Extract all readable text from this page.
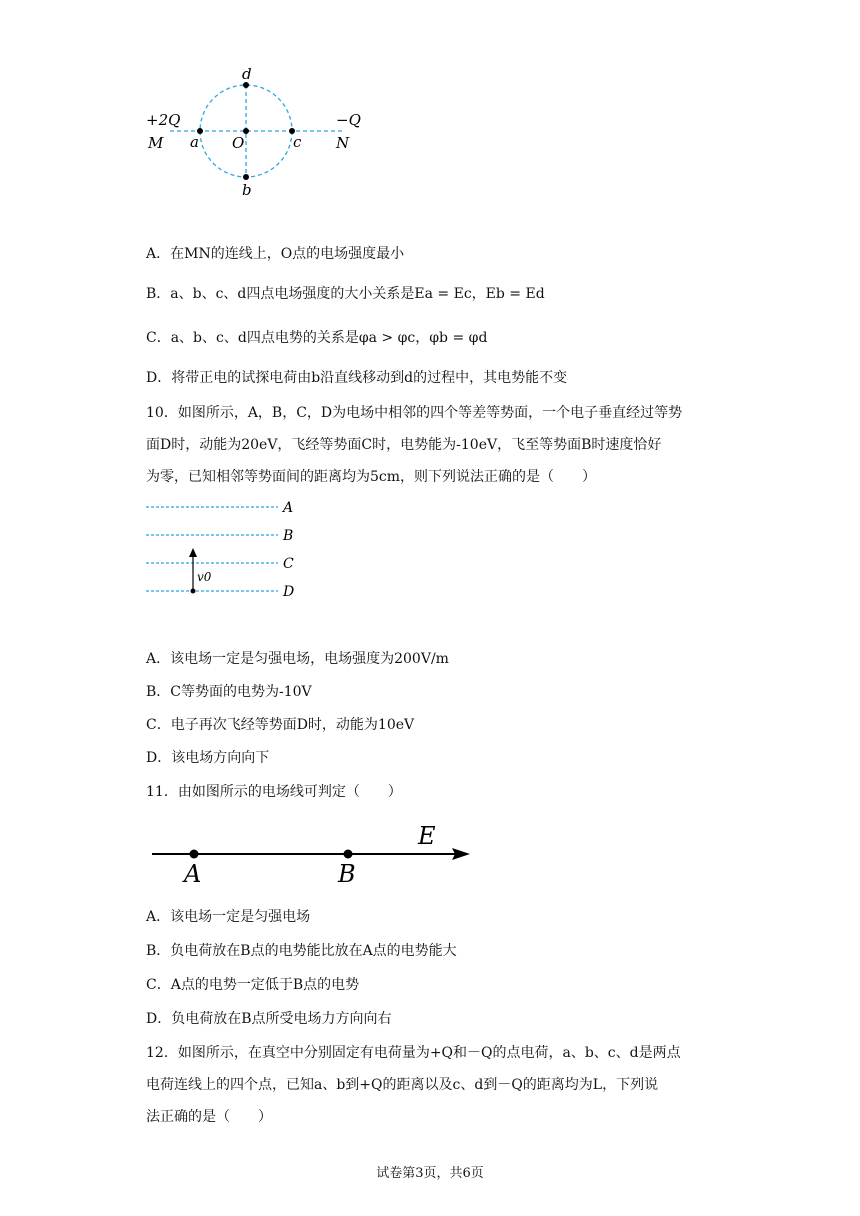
+2Q
M a O	c
−Q
N
d
b
A．在MN的连线上，O点的电场强度最小
B．a、b、c、d四点电场强度的大小关系是Ea = Ec，Eb = Ed
C．a、b、c、d四点电势的关系是φa > φc，φb = φd
D．将带正电的试探电荷由b沿直线移动到d的过程中，其电势能不变
10．如图所示，A，B，C，D为电场中相邻的四个等差等势面，一个电子垂直经过等势
面D时，动能为20eV，飞经等势面C时，电势能为-10eV，飞至等势面B时速度恰好
为零，已知相邻等势面间的距离均为5cm，则下列说法正确的是（　　）
A
B
C
D
v0
A．该电场一定是匀强电场，电场强度为200V/m
B．C等势面的电势为-10V
C．电子再次飞经等势面D时，动能为10eV
D．该电场方向向下
11．由如图所示的电场线可判定（　　）
A	B
E
A．该电场一定是匀强电场
B．负电荷放在B点的电势能比放在A点的电势能大
C．A点的电势一定低于B点的电势
D．负电荷放在B点所受电场力方向向右
12．如图所示，在真空中分别固定有电荷量为+Q和－Q的点电荷，a、b、c、d是两点
电荷连线上的四个点，已知a、b到+Q的距离以及c、d到－Q的距离均为L，下列说
法正确的是（　　）
试卷第3页，共6页
